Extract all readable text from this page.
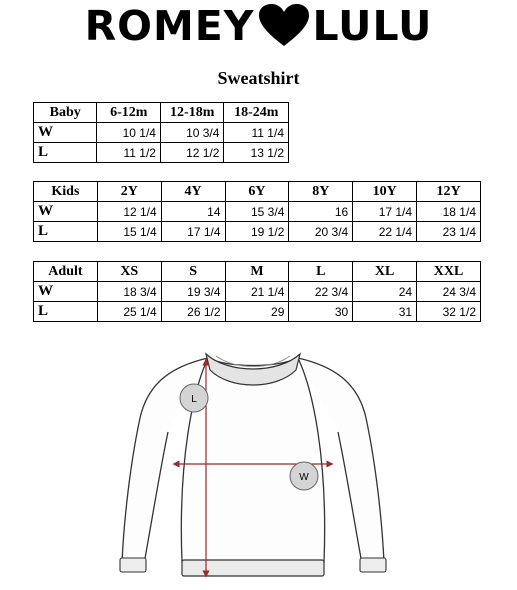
ROMEY LULU
Sweatshirt
Baby	6-12m	12-18m	18-24m
W	10 1/4	10 3/4	11 1/4
L	11 1/2	12 1/2	13 1/2
Kids	2Y	4Y	6Y	8Y	10Y	12Y
W	12 1/4	14	15 3/4	16	17 1/4	18 1/4
L	15 1/4	17 1/4	19 1/2	20 3/4	22 1/4	23 1/4
Adult	XS	S	M	L	XL	XXL
W	18 3/4	19 3/4	21 1/4	22 3/4	24	24 3/4
L	25 1/4	26 1/2	29	30	31	32 1/2
L
W
